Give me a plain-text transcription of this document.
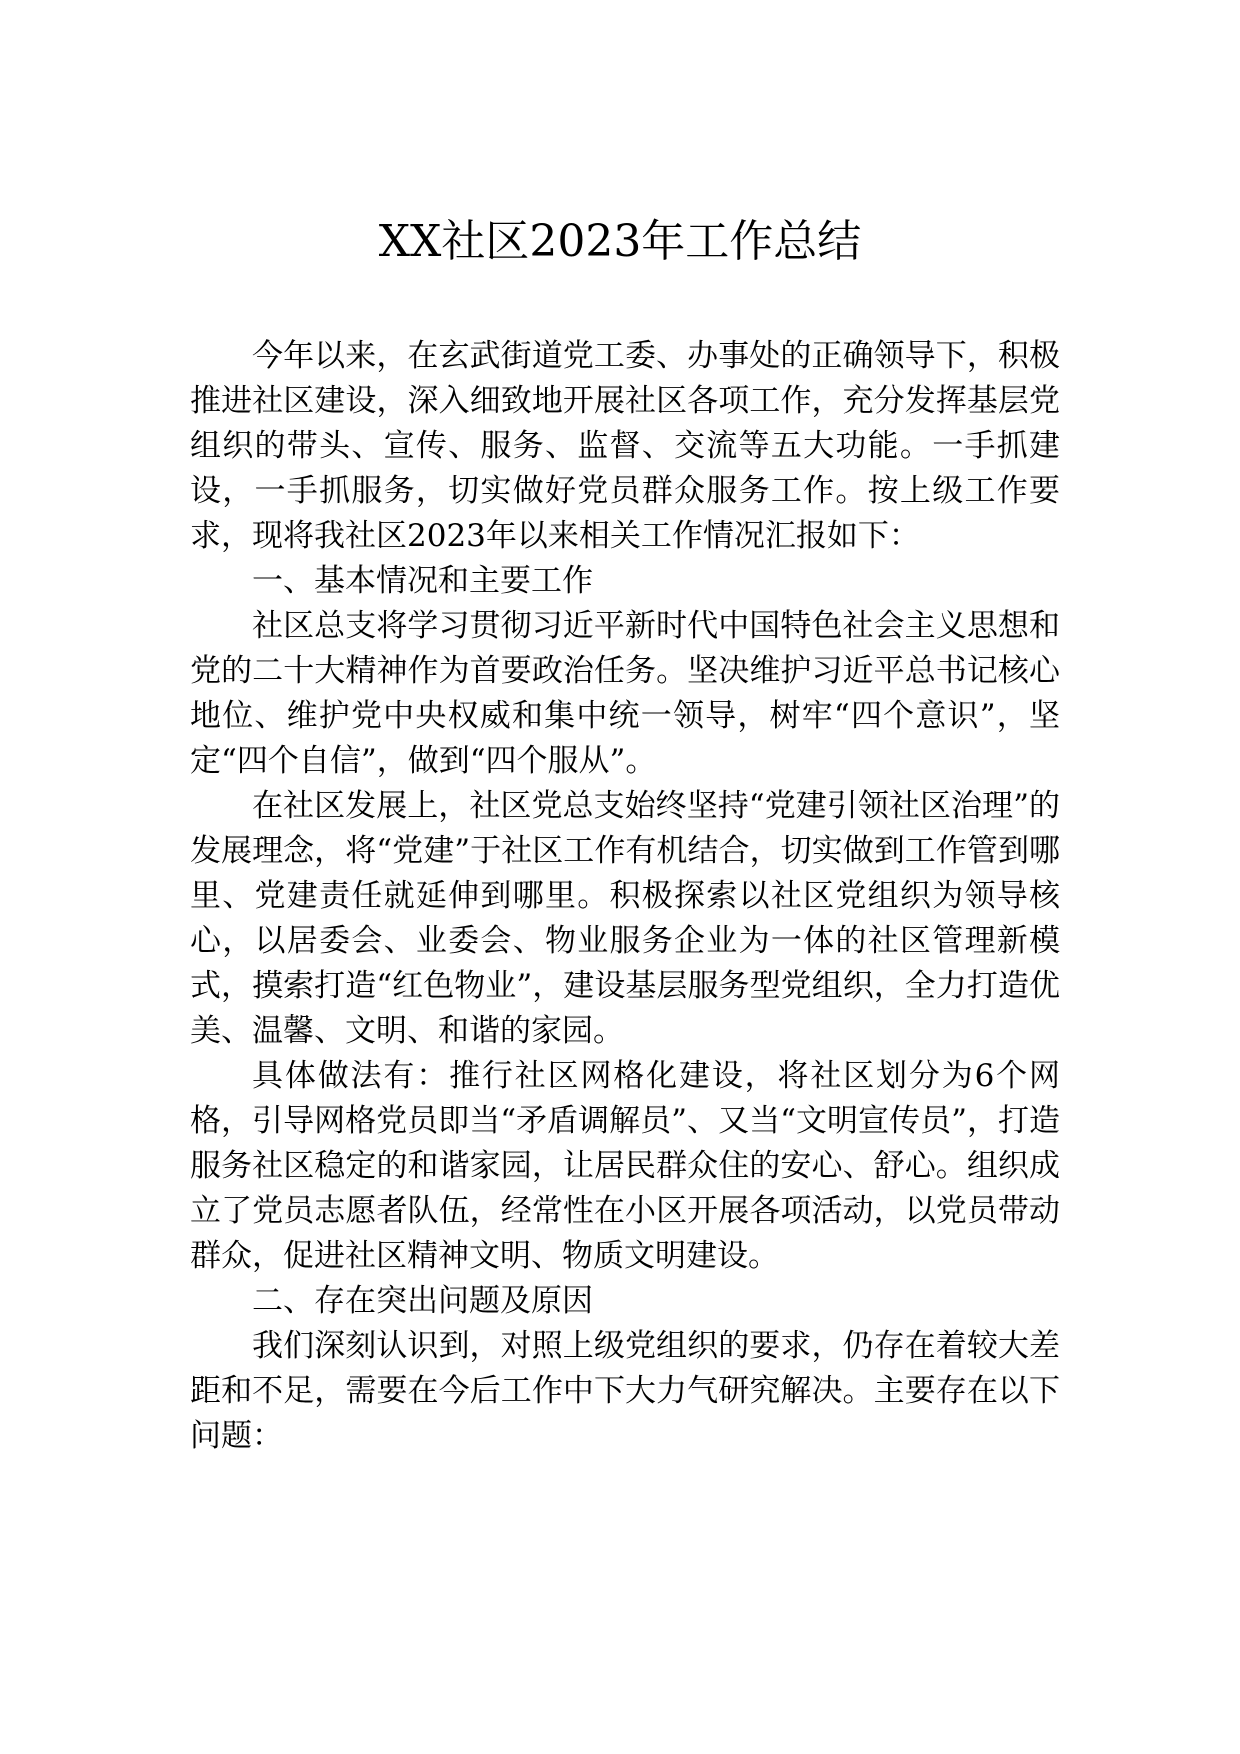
XX社区2023年工作总结

今年以来，在玄武街道党工委、办事处的正确领导下，积极推进社区建设，深入细致地开展社区各项工作，充分发挥基层党组织的带头、宣传、服务、监督、交流等五大功能。一手抓建设，一手抓服务，切实做好党员群众服务工作。按上级工作要求，现将我社区2023年以来相关工作情况汇报如下：

一、基本情况和主要工作

社区总支将学习贯彻习近平新时代中国特色社会主义思想和党的二十大精神作为首要政治任务。坚决维护习近平总书记核心地位、维护党中央权威和集中统一领导，树牢“四个意识”，坚定“四个自信”，做到“四个服从”。

在社区发展上，社区党总支始终坚持“党建引领社区治理”的发展理念，将“党建”于社区工作有机结合，切实做到工作管到哪里、党建责任就延伸到哪里。积极探索以社区党组织为领导核心，以居委会、业委会、物业服务企业为一体的社区管理新模式，摸索打造“红色物业”，建设基层服务型党组织，全力打造优美、温馨、文明、和谐的家园。

具体做法有：推行社区网格化建设，将社区划分为6个网格，引导网格党员即当“矛盾调解员”、又当“文明宣传员”，打造服务社区稳定的和谐家园，让居民群众住的安心、舒心。组织成立了党员志愿者队伍，经常性在小区开展各项活动，以党员带动群众，促进社区精神文明、物质文明建设。

二、存在突出问题及原因

我们深刻认识到，对照上级党组织的要求，仍存在着较大差距和不足，需要在今后工作中下大力气研究解决。主要存在以下问题：
